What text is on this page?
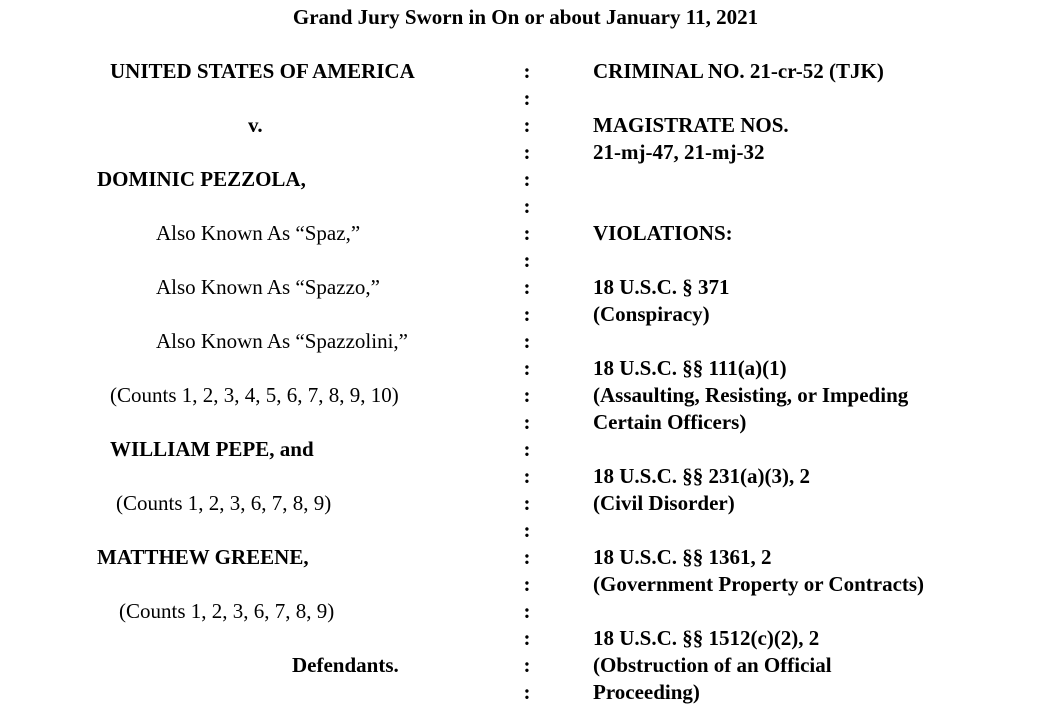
Grand Jury Sworn in On or about January 11, 2021
UNITED STATES OF AMERICA
v.
DOMINIC PEZZOLA,
Also Known As “Spaz,”
Also Known As “Spazzo,”
Also Known As “Spazzolini,”
(Counts 1, 2, 3, 4, 5, 6, 7, 8, 9, 10)
WILLIAM PEPE, and
(Counts 1, 2, 3, 6, 7, 8, 9)
MATTHEW GREENE,
(Counts 1, 2, 3, 6, 7, 8, 9)
Defendants.
:
:
:
:
:
:
:
:
:
:
:
:
:
:
:
:
:
:
:
:
:
:
:
:
CRIMINAL NO. 21-cr-52 (TJK)
MAGISTRATE NOS.
21-mj-47, 21-mj-32
VIOLATIONS:
18 U.S.C. § 371
(Conspiracy)
18 U.S.C. §§ 111(a)(1)
(Assaulting, Resisting, or Impeding
Certain Officers)
18 U.S.C. §§ 231(a)(3), 2
(Civil Disorder)
18 U.S.C. §§ 1361, 2
(Government Property or Contracts)
18 U.S.C. §§ 1512(c)(2), 2
(Obstruction of an Official
Proceeding)
